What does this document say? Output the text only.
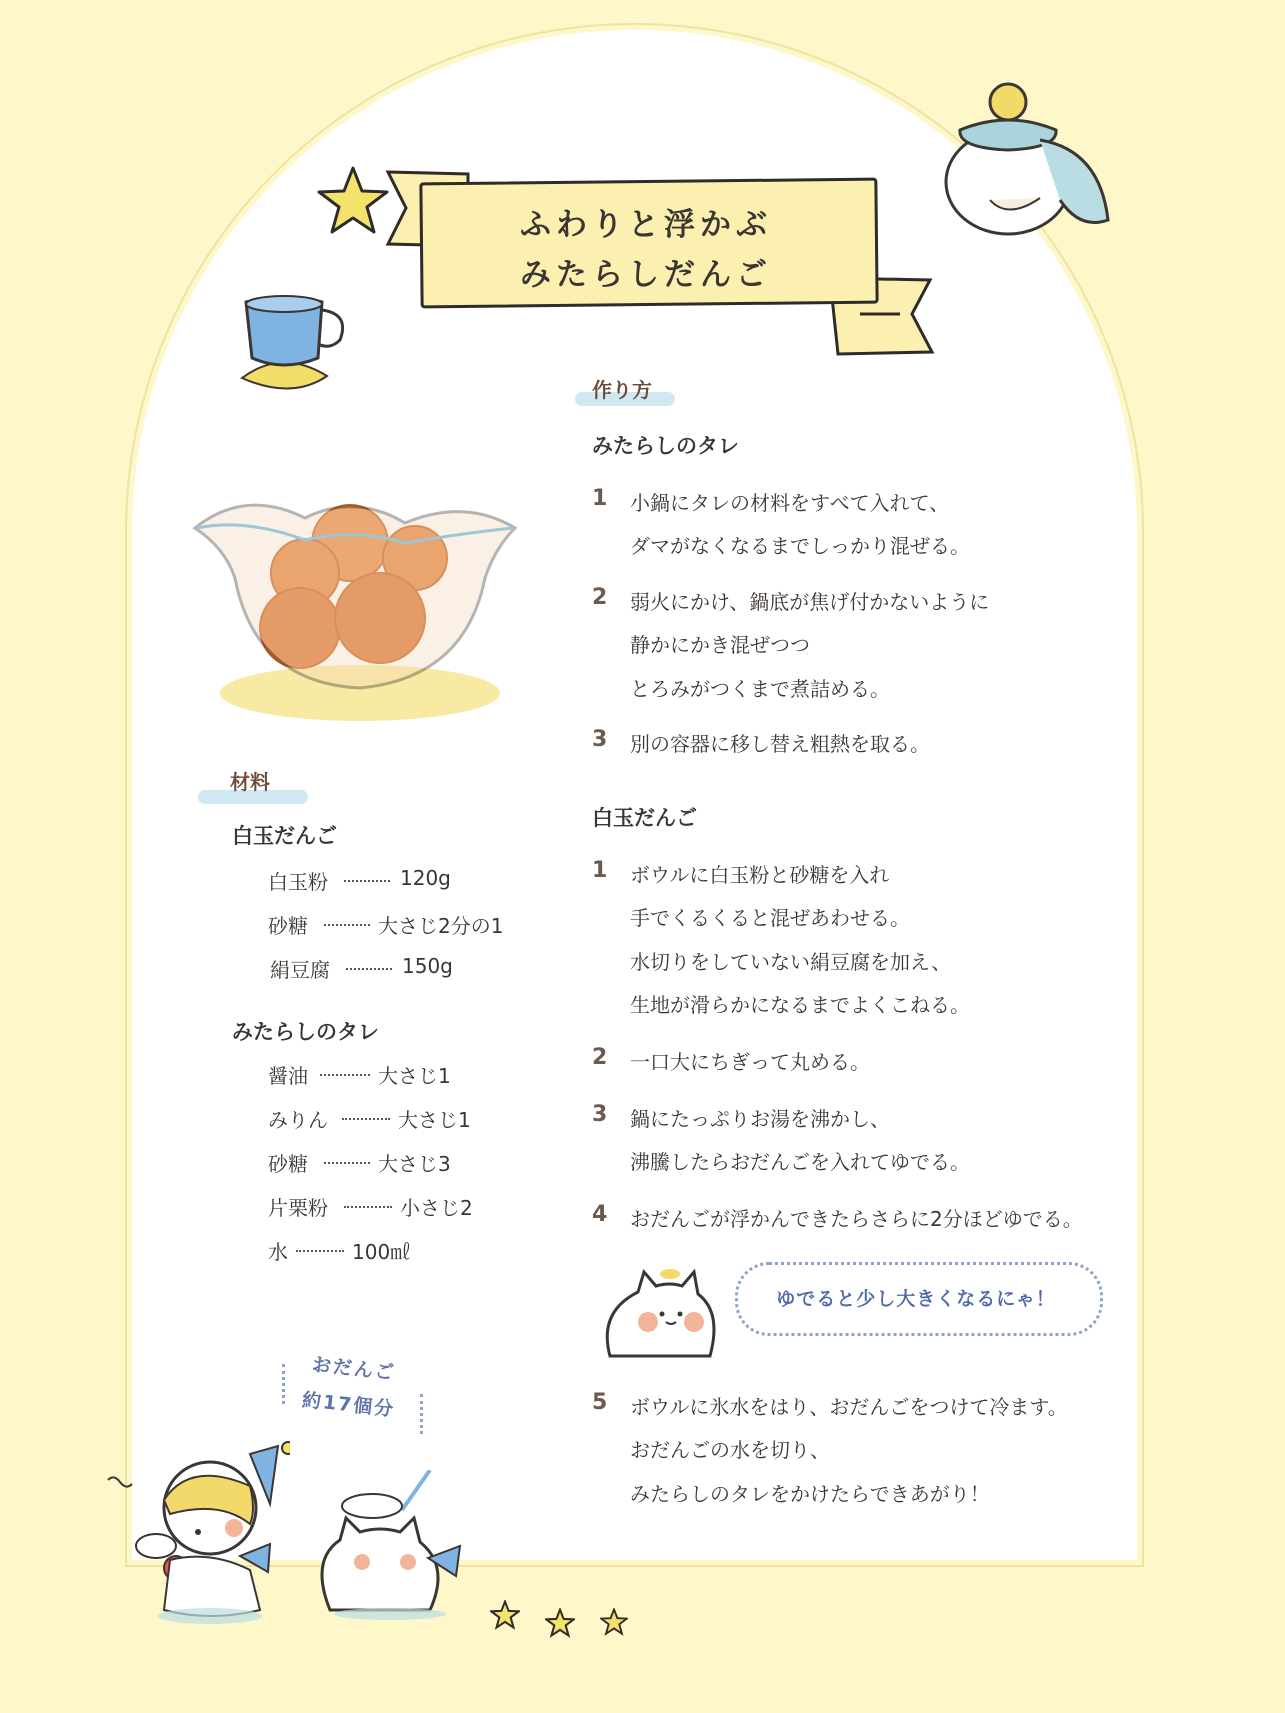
ふわりと浮かぶ
みたらしだんご
作り方
材料
みたらしのタレ
1 小鍋にタレの材料をすべて入れて、
ダマがなくなるまでしっかり混ぜる。
2 弱火にかけ、鍋底が焦げ付かないように
静かにかき混ぜつつ
とろみがつくまで煮詰める。
3 別の容器に移し替え粗熱を取る。
白玉だんご
1 ボウルに白玉粉と砂糖を入れ
手でくるくると混ぜあわせる。
水切りをしていない絹豆腐を加え、
生地が滑らかになるまでよくこねる。
2 一口大にちぎって丸める。
3 鍋にたっぷりお湯を沸かし、
沸騰したらおだんごを入れてゆでる。
4 おだんごが浮かんできたらさらに2分ほどゆでる。
ゆでると少し大きくなるにゃ！
5 ボウルに氷水をはり、おだんごをつけて冷ます。
おだんごの水を切り、
みたらしのタレをかけたらできあがり！
白玉だんご
白玉粉	120g
砂糖	大さじ2分の1
絹豆腐	150g
みたらしのタレ
醤油	大さじ1
みりん	大さじ1
砂糖	大さじ3
片栗粉	小さじ2
水	100㎖
おだんご
約17個分
